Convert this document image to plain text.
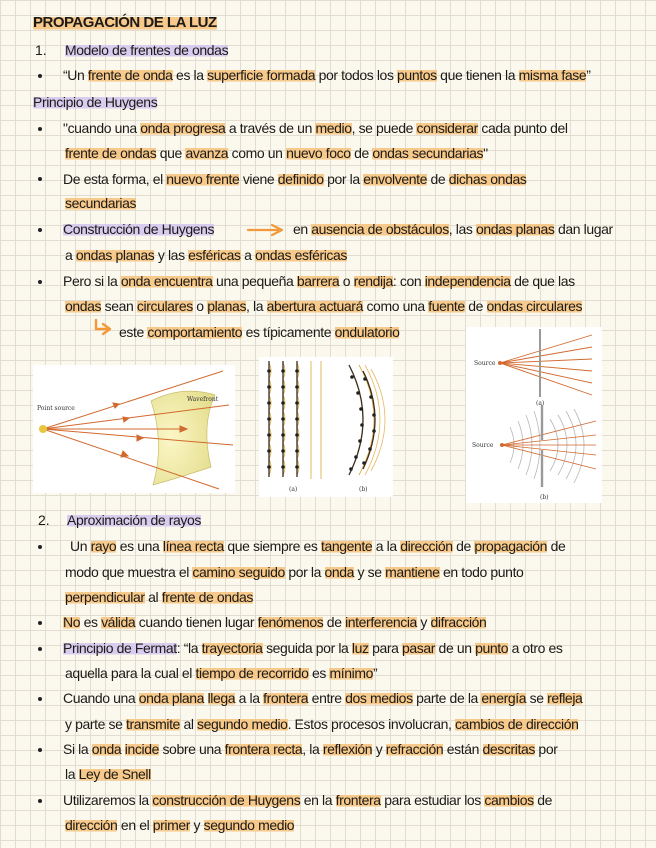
PROPAGACIÓN DE LA LUZ
1. Modelo de frentes de ondas
“Un frente de onda es la superficie formada por todos los puntos que tienen la misma fase”
Principio de Huygens
"cuando una onda progresa a través de un medio, se puede considerar cada punto del
frente de ondas que avanza como un nuevo foco de ondas secundarias"
De esta forma, el nuevo frente viene definido por la envolvente de dichas ondas
secundarias
Construcción de Huygens	en ausencia de obstáculos, las ondas planas dan lugar
a ondas planas y las esféricas a ondas esféricas
Pero si la onda encuentra una pequeña barrera o rendija: con independencia de que las
ondas sean circulares o planas, la abertura actuará como una fuente de ondas circulares
este comportamiento es típicamente ondulatorio
Point source
Wavefront
(a)	(b)
Source
(a)
Source
(b)
2. Aproximación de rayos
Un rayo es una línea recta que siempre es tangente a la dirección de propagación de
modo que muestra el camino seguido por la onda y se mantiene en todo punto
perpendicular al frente de ondas
No es válida cuando tienen lugar fenómenos de interferencia y difracción
Principio de Fermat: “la trayectoria seguida por la luz para pasar de un punto a otro es
aquella para la cual el tiempo de recorrido es mínimo”
Cuando una onda plana llega a la frontera entre dos medios parte de la energía se refleja
y parte se transmite al segundo medio. Estos procesos involucran, cambios de dirección
Si la onda incide sobre una frontera recta, la reflexión y refracción están descritas por
la Ley de Snell
Utilizaremos la construcción de Huygens en la frontera para estudiar los cambios de
dirección en el primer y segundo medio
